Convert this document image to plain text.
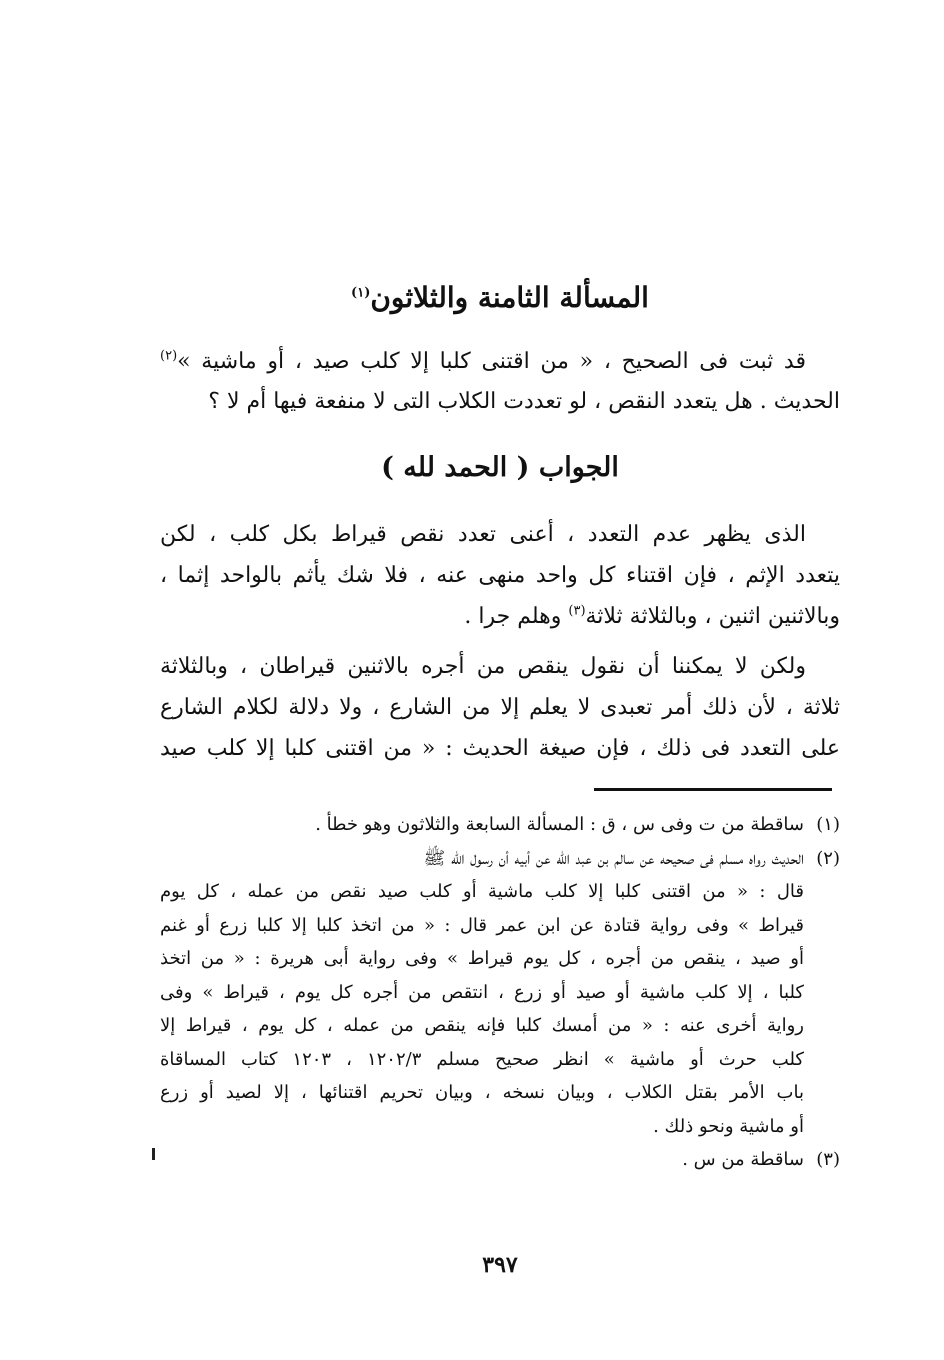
المسألة الثامنة والثلاثون$^{(١)}$
قد ثبت فى الصحيح ، « من اقتنى كلبا إلا كلب صيد ، أو ماشية »$^{(٢)}$
الحديث . هل يتعدد النقص ، لو تعددت الكلاب التى لا منفعة فيها أم لا ؟
الجواب ( الحمد لله )
الذى يظهر عدم التعدد ، أعنى تعدد نقص قيراط بكل كلب ، لكن
يتعدد الإثم ، فإن اقتناء كل واحد منهى عنه ، فلا شك يأثم بالواحد إثما ،
وبالاثنين اثنين ، وبالثلاثة ثلاثة$^{(٣)}$ وهلم جرا .
ولكن لا يمكننا أن نقول ينقص من أجره بالاثنين قيراطان ، وبالثلاثة
ثلاثة ، لأن ذلك أمر تعبدى لا يعلم إلا من الشارع ، ولا دلالة لكلام الشارع
على التعدد فى ذلك ، فإن صيغة الحديث : « من اقتنى كلبا إلا كلب صيد
(١)ساقطة من ت وفى س ، ق : المسألة السابعة والثلاثون وهو خطأ .
(٢)الحديث رواه مسلم فى صحيحه عن سالم بن عبد الله عن أبيه أن رسول الله ﷺ
قال : « من اقتنى كلبا إلا كلب ماشية أو كلب صيد نقص من عمله ، كل يوم
قيراط » وفى رواية قتادة عن ابن عمر قال : « من اتخذ كلبا إلا كلبا زرع أو غنم
أو صيد ، ينقص من أجره ، كل يوم قيراط » وفى رواية أبى هريرة : « من اتخذ
كلبا ، إلا كلب ماشية أو صيد أو زرع ، انتقص من أجره كل يوم ، قيراط » وفى
رواية أخرى عنه : « من أمسك كلبا فإنه ينقص من عمله ، كل يوم ، قيراط إلا
كلب حرث أو ماشية » انظر صحيح مسلم ١٢٠٢/٣ ، ١٢٠٣ كتاب المساقاة
باب الأمر بقتل الكلاب ، وبيان نسخه ، وبيان تحريم اقتنائها ، إلا لصيد أو زرع
أو ماشية ونحو ذلك .
(٣)ساقطة من س .
٣٩٧
